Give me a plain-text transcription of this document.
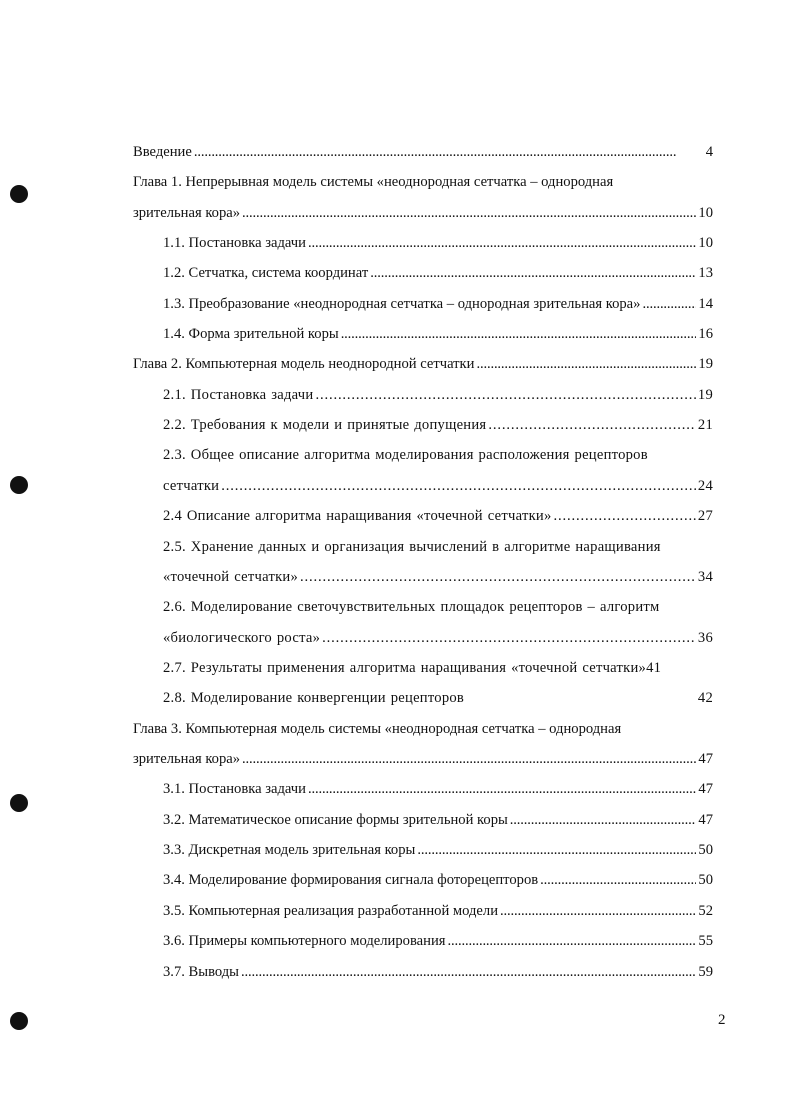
Введение . . .	4
Глава 1. Непрерывная модель системы «неоднородная сетчатка – однородная
зрительная кора» . . .	10
1.1. Постановка задачи . . .	10
1.2. Сетчатка, система координат . . .	13
1.3. Преобразование «неоднородная сетчатка – однородная зрительная кора» . . .	14
1.4. Форма зрительной коры . . .	16
Глава 2. Компьютерная модель неоднородной сетчатки . . .	19
2.1. Постановка задачи . . .	19
2.2. Требования к модели и принятые допущения . . .	21
2.3. Общее описание алгоритма моделирования расположения рецепторов
сетчатки . . .	24
2.4 Описание алгоритма наращивания «точечной сетчатки» . . .	27
2.5. Хранение данных и организация вычислений в алгоритме наращивания
«точечной сетчатки» . . .	34
2.6. Моделирование светочувствительных площадок рецепторов – алгоритм
«биологического роста» . . .	36
2.7. Результаты применения алгоритма наращивания «точечной сетчатки» 41
2.8. Моделирование конвергенции рецепторов	42
Глава 3. Компьютерная модель системы «неоднородная сетчатка – однородная
зрительная кора» . . .	47
3.1. Постановка задачи . . .	47
3.2. Математическое описание формы зрительной коры . . .	47
3.3. Дискретная модель зрительная коры . . .	50
3.4. Моделирование формирования сигнала фоторецепторов . . .	50
3.5. Компьютерная реализация разработанной модели . . .	52
3.6. Примеры компьютерного моделирования . . .	55
3.7. Выводы . . .	59
2
